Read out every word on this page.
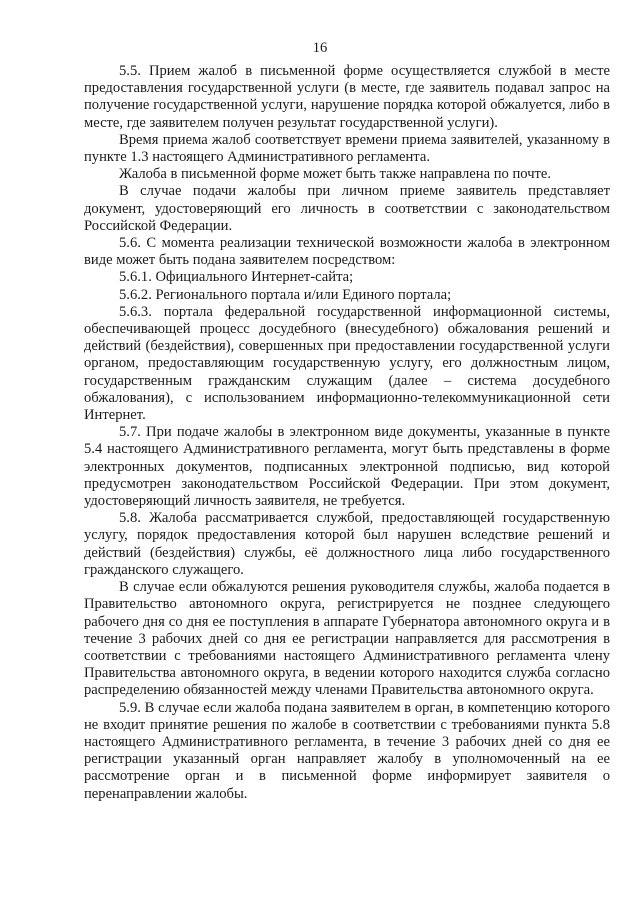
16

5.5. Прием жалоб в письменной форме осуществляется службой в месте предоставления государственной услуги (в месте, где заявитель подавал запрос на получение государственной услуги, нарушение порядка которой обжалуется, либо в месте, где заявителем получен результат государственной услуги).

Время приема жалоб соответствует времени приема заявителей, указанному в пункте 1.3 настоящего Административного регламента.

Жалоба в письменной форме может быть также направлена по почте.

В случае подачи жалобы при личном приеме заявитель представляет документ, удостоверяющий его личность в соответствии с законодательством Российской Федерации.

5.6. С момента реализации технической возможности жалоба в электронном виде может быть подана заявителем посредством:

5.6.1. Официального Интернет-сайта;

5.6.2. Регионального портала и/или Единого портала;

5.6.3. портала федеральной государственной информационной системы, обеспечивающей процесс досудебного (внесудебного) обжалования решений и действий (бездействия), совершенных при предоставлении государственной услуги органом, предоставляющим государственную услугу, его должностным лицом, государственным гражданским служащим (далее – система досудебного обжалования), с использованием информационно-телекоммуникационной сети Интернет.

5.7. При подаче жалобы в электронном виде документы, указанные в пункте 5.4 настоящего Административного регламента, могут быть представлены в форме электронных документов, подписанных электронной подписью, вид которой предусмотрен законодательством Российской Федерации. При этом документ, удостоверяющий личность заявителя, не требуется.

5.8. Жалоба рассматривается службой, предоставляющей государственную услугу, порядок предоставления которой был нарушен вследствие решений и действий (бездействия) службы, её должностного лица либо государственного гражданского служащего.

В случае если обжалуются решения руководителя службы, жалоба подается в Правительство автономного округа, регистрируется не позднее следующего рабочего дня со дня ее поступления в аппарате Губернатора автономного округа и в течение 3 рабочих дней со дня ее регистрации направляется для рассмотрения в соответствии с требованиями настоящего Административного регламента члену Правительства автономного округа, в ведении которого находится служба согласно распределению обязанностей между членами Правительства автономного округа.

5.9. В случае если жалоба подана заявителем в орган, в компетенцию которого не входит принятие решения по жалобе в соответствии с требованиями пункта 5.8 настоящего Административного регламента, в течение 3 рабочих дней со дня ее регистрации указанный орган направляет жалобу в уполномоченный на ее рассмотрение орган и в письменной форме информирует заявителя о перенаправлении жалобы.
